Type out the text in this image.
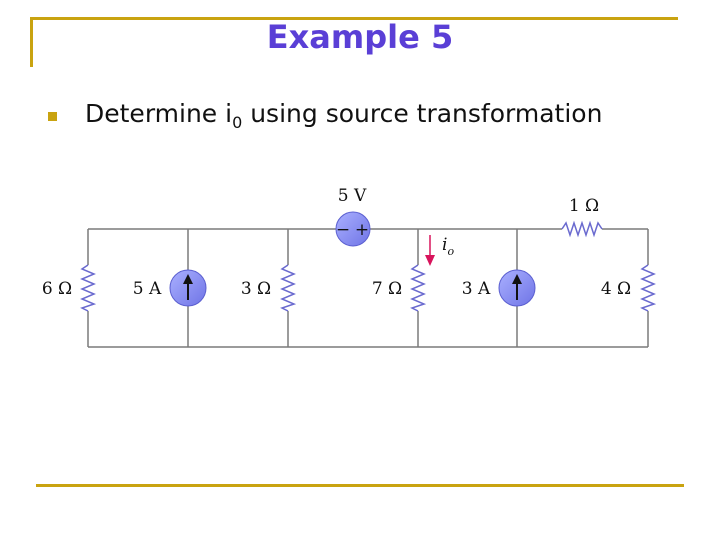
Example 5
Determine $i_0$ using source transformation
− +
5 V	1 Ω
6 Ω	5 A	3 Ω	7 Ω	3 A	4 Ω
$i_o$
